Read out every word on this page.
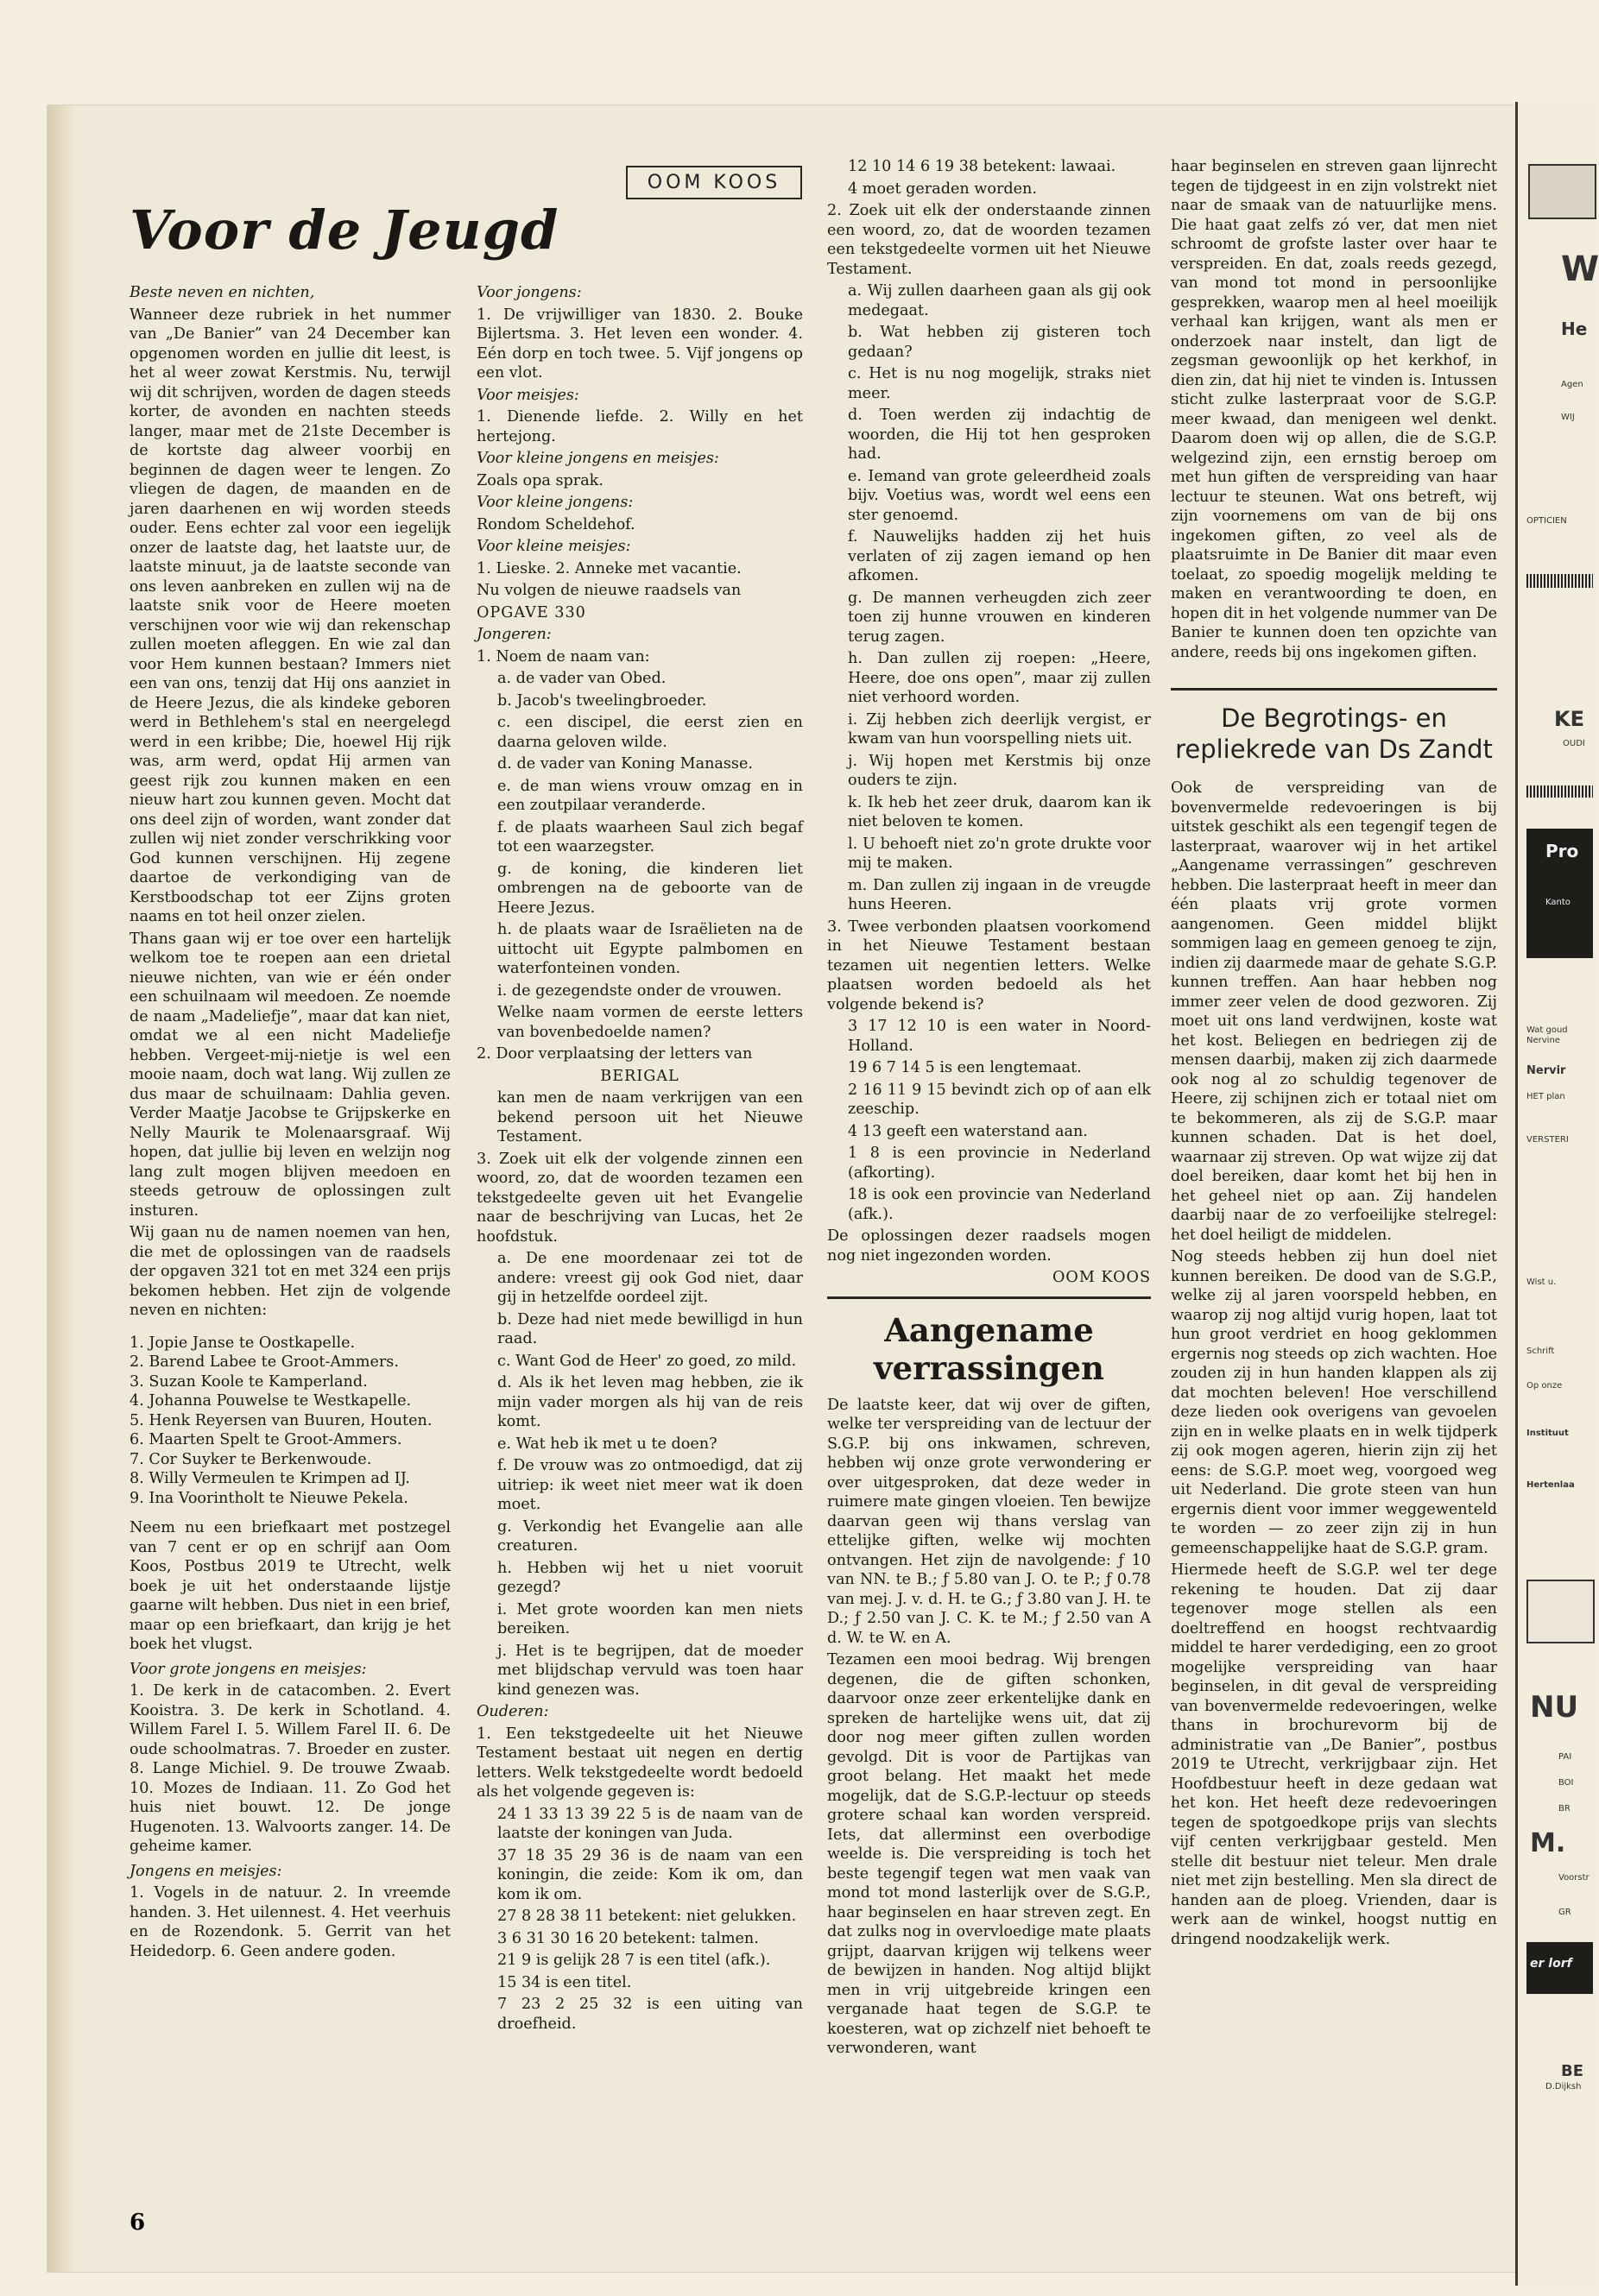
Voor de Jeugd
OOM KOOS

Beste neven en nichten,

Wanneer deze rubriek in het nummer van „De Banier” van 24 December kan opgenomen worden en jullie dit leest, is het al weer zowat Kerstmis. Nu, terwijl wij dit schrijven, worden de dagen steeds korter, de avonden en nachten steeds langer, maar met de 21ste December is de kortste dag alweer voorbij en beginnen de dagen weer te lengen. Zo vliegen de dagen, de maanden en de jaren daarhenen en wij worden steeds ouder. Eens echter zal voor een iegelijk onzer de laatste dag, het laatste uur, de laatste minuut, ja de laatste seconde van ons leven aanbreken en zullen wij na de laatste snik voor de Heere moeten verschijnen voor wie wij dan rekenschap zullen moeten afleggen. En wie zal dan voor Hem kunnen bestaan? Immers niet een van ons, tenzij dat Hij ons aanziet in de Heere Jezus, die als kindeke geboren werd in Bethlehem's stal en neergelegd werd in een kribbe; Die, hoewel Hij rijk was, arm werd, opdat Hij armen van geest rijk zou kunnen maken en een nieuw hart zou kunnen geven. Mocht dat ons deel zijn of worden, want zonder dat zullen wij niet zonder verschrikking voor God kunnen verschijnen. Hij zegene daartoe de verkondiging van de Kerstboodschap tot eer Zijns groten naams en tot heil onzer zielen.

Thans gaan wij er toe over een hartelijk welkom toe te roepen aan een drietal nieuwe nichten, van wie er één onder een schuilnaam wil meedoen. Ze noemde de naam „Madeliefje”, maar dat kan niet, omdat we al een nicht Madeliefje hebben. Vergeet-mij-nietje is wel een mooie naam, doch wat lang. Wij zullen ze dus maar de schuilnaam: Dahlia geven. Verder Maatje Jacobse te Grijpskerke en Nelly Maurik te Molenaarsgraaf. Wij hopen, dat jullie bij leven en welzijn nog lang zult mogen blijven meedoen en steeds getrouw de oplossingen zult insturen.

Wij gaan nu de namen noemen van hen, die met de oplossingen van de raadsels der opgaven 321 tot en met 324 een prijs bekomen hebben. Het zijn de volgende neven en nichten:

1. Jopie Janse te Oostkapelle.

2. Barend Labee te Groot-Ammers.

3. Suzan Koole te Kamperland.

4. Johanna Pouwelse te Westkapelle.

5. Henk Reyersen van Buuren, Houten.

6. Maarten Spelt te Groot-Ammers.

7. Cor Suyker te Berkenwoude.

8. Willy Vermeulen te Krimpen ad IJ.

9. Ina Voorintholt te Nieuwe Pekela.

Neem nu een briefkaart met postzegel van 7 cent er op en schrijf aan Oom Koos, Postbus 2019 te Utrecht, welk boek je uit het onderstaande lijstje gaarne wilt hebben. Dus niet in een brief, maar op een briefkaart, dan krijg je het boek het vlugst.

Voor grote jongens en meisjes:

1. De kerk in de catacomben. 2. Evert Kooistra. 3. De kerk in Schotland. 4. Willem Farel I. 5. Willem Farel II. 6. De oude schoolmatras. 7. Broeder en zuster. 8. Lange Michiel. 9. De trouwe Zwaab. 10. Mozes de Indiaan. 11. Zo God het huis niet bouwt. 12. De jonge Hugenoten. 13. Walvoorts zanger. 14. De geheime kamer.

Jongens en meisjes:

1. Vogels in de natuur. 2. In vreemde handen. 3. Het uilennest. 4. Het veerhuis en de Rozendonk. 5. Gerrit van het Heidedorp. 6. Geen andere goden.

Voor jongens:

1. De vrijwilliger van 1830. 2. Bouke Bijlertsma. 3. Het leven een wonder. 4. Eén dorp en toch twee. 5. Vijf jongens op een vlot.

Voor meisjes:

1. Dienende liefde. 2. Willy en het hertejong.

Voor kleine jongens en meisjes:

Zoals opa sprak.

Voor kleine jongens:

Rondom Scheldehof.

Voor kleine meisjes:

1. Lieske. 2. Anneke met vacantie.

Nu volgen de nieuwe raadsels van

OPGAVE 330

Jongeren:

1. Noem de naam van:

a. de vader van Obed.

b. Jacob's tweelingbroeder.

c. een discipel, die eerst zien en daarna geloven wilde.

d. de vader van Koning Manasse.

e. de man wiens vrouw omzag en in een zoutpilaar veranderde.

f. de plaats waarheen Saul zich begaf tot een waarzegster.

g. de koning, die kinderen liet ombrengen na de geboorte van de Heere Jezus.

h. de plaats waar de Israëlieten na de uittocht uit Egypte palmbomen en waterfonteinen vonden.

i. de gezegendste onder de vrouwen.

Welke naam vormen de eerste letters van bovenbedoelde namen?

2. Door verplaatsing der letters van

BERIGAL

kan men de naam verkrijgen van een bekend persoon uit het Nieuwe Testament.

3. Zoek uit elk der volgende zinnen een woord, zo, dat de woorden tezamen een tekstgedeelte geven uit het Evangelie naar de beschrijving van Lucas, het 2e hoofdstuk.

a. De ene moordenaar zei tot de andere: vreest gij ook God niet, daar gij in hetzelfde oordeel zijt.

b. Deze had niet mede bewilligd in hun raad.

c. Want God de Heer' zo goed, zo mild.

d. Als ik het leven mag hebben, zie ik mijn vader morgen als hij van de reis komt.

e. Wat heb ik met u te doen?

f. De vrouw was zo ontmoedigd, dat zij uitriep: ik weet niet meer wat ik doen moet.

g. Verkondig het Evangelie aan alle creaturen.

h. Hebben wij het u niet vooruit gezegd?

i. Met grote woorden kan men niets bereiken.

j. Het is te begrijpen, dat de moeder met blijdschap vervuld was toen haar kind genezen was.

Ouderen:

1. Een tekstgedeelte uit het Nieuwe Testament bestaat uit negen en dertig letters. Welk tekstgedeelte wordt bedoeld als het volgende gegeven is:

24 1 33 13 39 22 5 is de naam van de laatste der koningen van Juda.

37 18 35 29 36 is de naam van een koningin, die zeide: Kom ik om, dan kom ik om.

27 8 28 38 11 betekent: niet gelukken.

3 6 31 30 16 20 betekent: talmen.

21 9 is gelijk 28 7 is een titel (afk.).

15 34 is een titel.

7 23 2 25 32 is een uiting van droefheid.

12 10 14 6 19 38 betekent: lawaai.

4 moet geraden worden.

2. Zoek uit elk der onderstaande zinnen een woord, zo, dat de woorden tezamen een tekstgedeelte vormen uit het Nieuwe Testament.

a. Wij zullen daarheen gaan als gij ook medegaat.

b. Wat hebben zij gisteren toch gedaan?

c. Het is nu nog mogelijk, straks niet meer.

d. Toen werden zij indachtig de woorden, die Hij tot hen gesproken had.

e. Iemand van grote geleerdheid zoals bijv. Voetius was, wordt wel eens een ster genoemd.

f. Nauwelijks hadden zij het huis verlaten of zij zagen iemand op hen afkomen.

g. De mannen verheugden zich zeer toen zij hunne vrouwen en kinderen terug zagen.

h. Dan zullen zij roepen: „Heere, Heere, doe ons open”, maar zij zullen niet verhoord worden.

i. Zij hebben zich deerlijk vergist, er kwam van hun voorspelling niets uit.

j. Wij hopen met Kerstmis bij onze ouders te zijn.

k. Ik heb het zeer druk, daarom kan ik niet beloven te komen.

l. U behoeft niet zo'n grote drukte voor mij te maken.

m. Dan zullen zij ingaan in de vreugde huns Heeren.

3. Twee verbonden plaatsen voorkomend in het Nieuwe Testament bestaan tezamen uit negentien letters. Welke plaatsen worden bedoeld als het volgende bekend is?

3 17 12 10 is een water in Noord-Holland.

19 6 7 14 5 is een lengtemaat.

2 16 11 9 15 bevindt zich op of aan elk zeeschip.

4 13 geeft een waterstand aan.

1 8 is een provincie in Nederland (afkorting).

18 is ook een provincie van Nederland (afk.).

De oplossingen dezer raadsels mogen nog niet ingezonden worden.

OOM KOOS

Aangename verrassingen

De laatste keer, dat wij over de giften, welke ter verspreiding van de lectuur der S.G.P. bij ons inkwamen, schreven, hebben wij onze grote verwondering er over uitgesproken, dat deze weder in ruimere mate gingen vloeien. Ten bewijze daarvan geen wij thans verslag van ettelijke giften, welke wij mochten ontvangen. Het zijn de navolgende: ƒ 10 van NN. te B.; ƒ 5.80 van J. O. te P.; ƒ 0.78 van mej. J. v. d. H. te G.; ƒ 3.80 van J. H. te D.; ƒ 2.50 van J. C. K. te M.; ƒ 2.50 van A d. W. te W. en A.

Tezamen een mooi bedrag. Wij brengen degenen, die de giften schonken, daarvoor onze zeer erkentelijke dank en spreken de hartelijke wens uit, dat zij door nog meer giften zullen worden gevolgd. Dit is voor de Partijkas van groot belang. Het maakt het mede mogelijk, dat de S.G.P.-lectuur op steeds grotere schaal kan worden verspreid. Iets, dat allerminst een overbodige weelde is. Die verspreiding is toch het beste tegengif tegen wat men vaak van mond tot mond lasterlijk over de S.G.P., haar beginselen en haar streven zegt. En dat zulks nog in overvloedige mate plaats grijpt, daarvan krijgen wij telkens weer de bewijzen in handen. Nog altijd blijkt men in vrij uitgebreide kringen een verganade haat tegen de S.G.P. te koesteren, wat op zichzelf niet behoeft te verwonderen, want

haar beginselen en streven gaan lijnrecht tegen de tijdgeest in en zijn volstrekt niet naar de smaak van de natuurlijke mens. Die haat gaat zelfs zó ver, dat men niet schroomt de grofste laster over haar te verspreiden. En dat, zoals reeds gezegd, van mond tot mond in persoonlijke gesprekken, waarop men al heel moeilijk verhaal kan krijgen, want als men er onderzoek naar instelt, dan ligt de zegsman gewoonlijk op het kerkhof, in dien zin, dat hij niet te vinden is. Intussen sticht zulke lasterpraat voor de S.G.P. meer kwaad, dan menigeen wel denkt. Daarom doen wij op allen, die de S.G.P. welgezind zijn, een ernstig beroep om met hun giften de verspreiding van haar lectuur te steunen. Wat ons betreft, wij zijn voornemens om van de bij ons ingekomen giften, zo veel als de plaatsruimte in De Banier dit maar even toelaat, zo spoedig mogelijk melding te maken en verantwoording te doen, en hopen dit in het volgende nummer van De Banier te kunnen doen ten opzichte van andere, reeds bij ons ingekomen giften.

De Begrotings- en repliekrede van Ds Zandt

Ook de verspreiding van de bovenvermelde redevoeringen is bij uitstek geschikt als een tegengif tegen de lasterpraat, waarover wij in het artikel „Aangename verrassingen” geschreven hebben. Die lasterpraat heeft in meer dan één plaats vrij grote vormen aangenomen. Geen middel blijkt sommigen laag en gemeen genoeg te zijn, indien zij daarmede maar de gehate S.G.P. kunnen treffen. Aan haar hebben nog immer zeer velen de dood gezworen. Zij moet uit ons land verdwijnen, koste wat het kost. Beliegen en bedriegen zij de mensen daarbij, maken zij zich daarmede ook nog al zo schuldig tegenover de Heere, zij schijnen zich er totaal niet om te bekommeren, als zij de S.G.P. maar kunnen schaden. Dat is het doel, waarnaar zij streven. Op wat wijze zij dat doel bereiken, daar komt het bij hen in het geheel niet op aan. Zij handelen daarbij naar de zo verfoeilijke stelregel: het doel heiligt de middelen.

Nog steeds hebben zij hun doel niet kunnen bereiken. De dood van de S.G.P., welke zij al jaren voorspeld hebben, en waarop zij nog altijd vurig hopen, laat tot hun groot verdriet en hoog geklommen ergernis nog steeds op zich wachten. Hoe zouden zij in hun handen klappen als zij dat mochten beleven! Hoe verschillend deze lieden ook overigens van gevoelen zijn en in welke plaats en in welk tijdperk zij ook mogen ageren, hierin zijn zij het eens: de S.G.P. moet weg, voorgoed weg uit Nederland. Die grote steen van hun ergernis dient voor immer weggewenteld te worden — zo zeer zijn zij in hun gemeenschappelijke haat de S.G.P. gram.

Hiermede heeft de S.G.P. wel ter dege rekening te houden. Dat zij daar tegenover moge stellen als een doeltreffend en hoogst rechtvaardig middel te harer verdediging, een zo groot mogelijke verspreiding van haar beginselen, in dit geval de verspreiding van bovenvermelde redevoeringen, welke thans in brochurevorm bij de administratie van „De Banier”, postbus 2019 te Utrecht, verkrijgbaar zijn. Het Hoofdbestuur heeft in deze gedaan wat het kon. Het heeft deze redevoeringen tegen de spotgoedkope prijs van slechts vijf centen verkrijgbaar gesteld. Men stelle dit bestuur niet teleur. Men drale niet met zijn bestelling. Men sla direct de handen aan de ploeg. Vrienden, daar is werk aan de winkel, hoogst nuttig en dringend noodzakelijk werk.

6
W
He
Agen
WIJ
OPTICIEN
KE
OUDI
Pro
Kanto
Wat goud
Nervine
Nervir
HET plan
VERSTERI
Wist u.
Schrift
Op onze
Instituut
Hertenlaa
NU
PAI
BOI
BR
M.
Voorstr
GR
er lorf
BE
D.Dijksh
